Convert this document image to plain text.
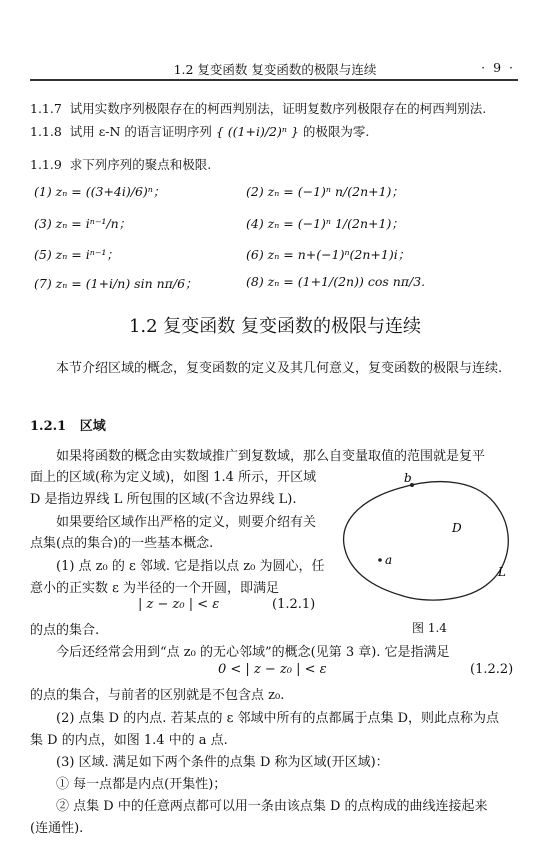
1.2 复变函数 复变函数的极限与连续	· 9 ·
1.1.7 试用实数序列极限存在的柯西判别法，证明复数序列极限存在的柯西判别法.
1.1.8 试用 ε-N 的语言证明序列 { ((1+i)/2)ⁿ } 的极限为零.
1.1.9 求下列序列的聚点和极限.
(1) zₙ = ((3+4i)/6)ⁿ；	(2) zₙ = (−1)ⁿ n/(2n+1)；
(3) zₙ = iⁿ⁻¹/n；	(4) zₙ = (−1)ⁿ 1/(2n+1)；
(5) zₙ = iⁿ⁻¹；	(6) zₙ = n+(−1)ⁿ(2n+1)i；
(7) zₙ = (1+i/n) sin nπ/6；	(8) zₙ = (1+1/(2n)) cos nπ/3.
1.2 复变函数 复变函数的极限与连续
本节介绍区域的概念，复变函数的定义及其几何意义，复变函数的极限与连续.
1.2.1 区域
如果将函数的概念由实数域推广到复数域，那么自变量取值的范围就是复平
面上的区域(称为定义域)，如图 1.4 所示，开区域
D 是指边界线 L 所包围的区域(不含边界线 L).
如果要给区域作出严格的定义，则要介绍有关
点集(点的集合)的一些基本概念.
(1) 点 z₀ 的 ε 邻域. 它是指以点 z₀ 为圆心，任
意小的正实数 ε 为半径的一个开圆，即满足
| z − z₀ | < ε	(1.2.1)
的点的集合.
今后还经常会用到“点 z₀ 的无心邻域”的概念(见第 3 章). 它是指满足
0 < | z − z₀ | < ε	(1.2.2)
的点的集合，与前者的区别就是不包含点 z₀.
(2) 点集 D 的内点. 若某点的 ε 邻域中所有的点都属于点集 D，则此点称为点
集 D 的内点，如图 1.4 中的 a 点.
(3) 区域. 满足如下两个条件的点集 D 称为区域(开区域)：
① 每一点都是内点(开集性)；
② 点集 D 中的任意两点都可以用一条由该点集 D 的点构成的曲线连接起来
(连通性).
b
D
a
L
图 1.4
